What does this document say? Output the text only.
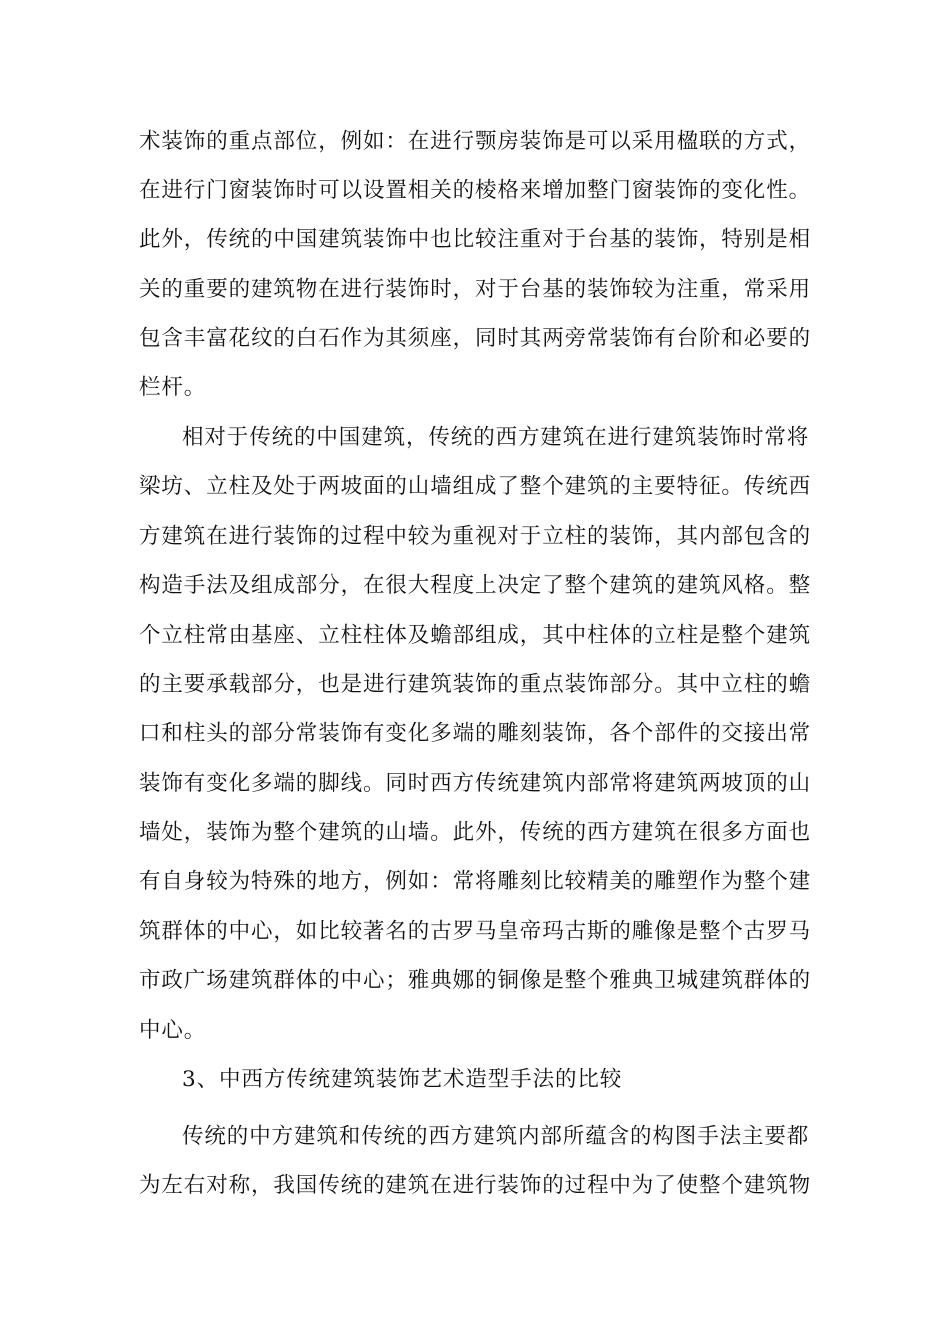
术装饰的重点部位，例如：在进行颚房装饰是可以采用楹联的方式，
在进行门窗装饰时可以设置相关的棱格来增加整门窗装饰的变化性。
此外，传统的中国建筑装饰中也比较注重对于台基的装饰，特别是相
关的重要的建筑物在进行装饰时，对于台基的装饰较为注重，常采用
包含丰富花纹的白石作为其须座，同时其两旁常装饰有台阶和必要的
栏杆。
相对于传统的中国建筑，传统的西方建筑在进行建筑装饰时常将
梁坊、立柱及处于两坡面的山墙组成了整个建筑的主要特征。传统西
方建筑在进行装饰的过程中较为重视对于立柱的装饰，其内部包含的
构造手法及组成部分，在很大程度上决定了整个建筑的建筑风格。整
个立柱常由基座、立柱柱体及蟾部组成，其中柱体的立柱是整个建筑
的主要承载部分，也是进行建筑装饰的重点装饰部分。其中立柱的蟾
口和柱头的部分常装饰有变化多端的雕刻装饰，各个部件的交接出常
装饰有变化多端的脚线。同时西方传统建筑内部常将建筑两坡顶的山
墙处，装饰为整个建筑的山墙。此外，传统的西方建筑在很多方面也
有自身较为特殊的地方，例如：常将雕刻比较精美的雕塑作为整个建
筑群体的中心，如比较著名的古罗马皇帝玛古斯的雕像是整个古罗马
市政广场建筑群体的中心；雅典娜的铜像是整个雅典卫城建筑群体的
中心。
3、中西方传统建筑装饰艺术造型手法的比较
传统的中方建筑和传统的西方建筑内部所蕴含的构图手法主要都
为左右对称，我国传统的建筑在进行装饰的过程中为了使整个建筑物
